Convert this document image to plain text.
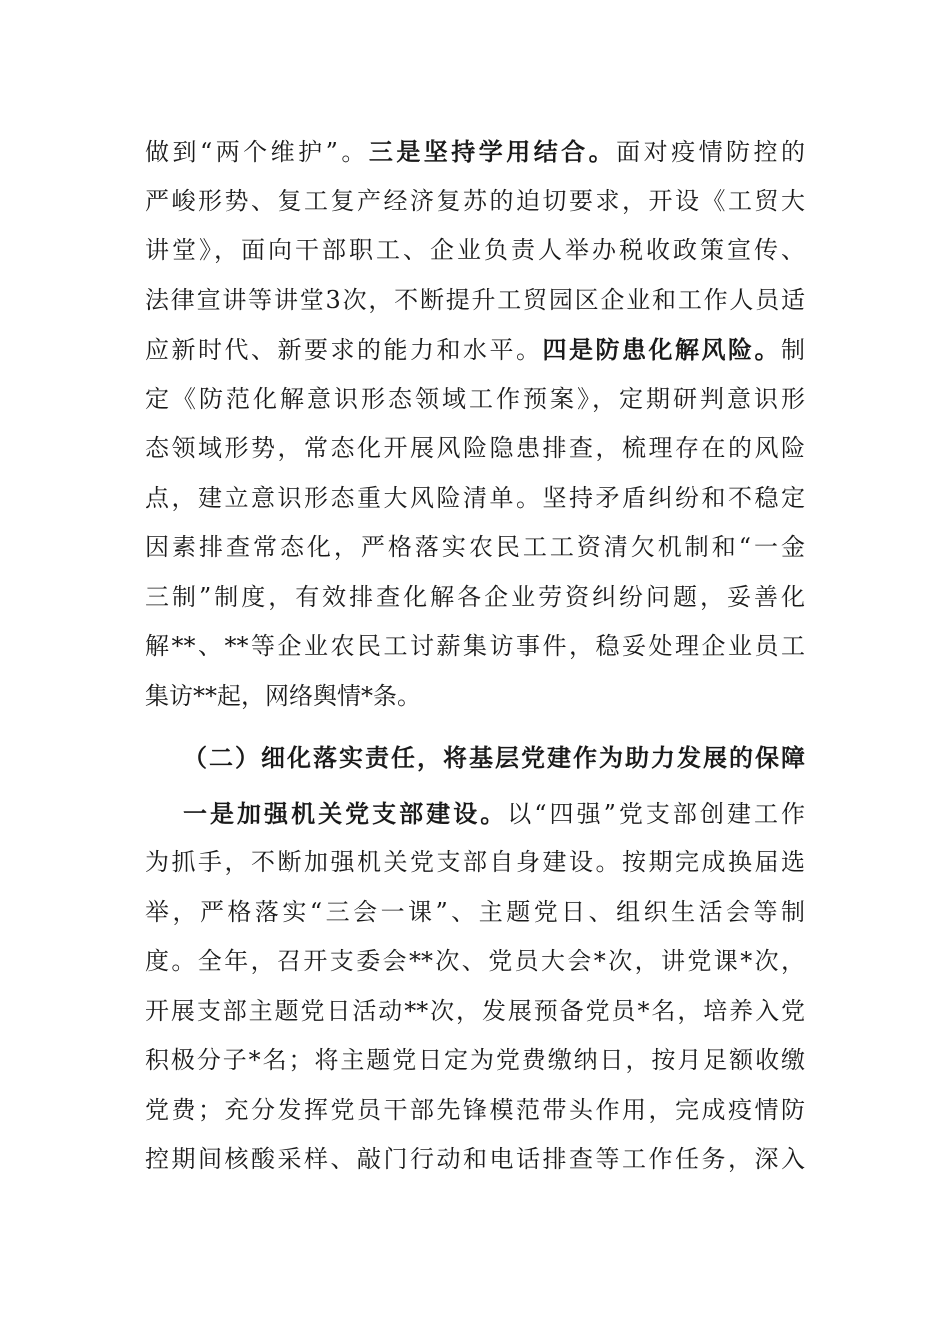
做到“两个维护”。三是坚持学用结合。面对疫情防控的
严峻形势、复工复产经济复苏的迫切要求，开设《工贸大
讲堂》，面向干部职工、企业负责人举办税收政策宣传、
法律宣讲等讲堂3次，不断提升工贸园区企业和工作人员适
应新时代、新要求的能力和水平。四是防患化解风险。制
定《防范化解意识形态领域工作预案》，定期研判意识形
态领域形势，常态化开展风险隐患排查，梳理存在的风险
点，建立意识形态重大风险清单。坚持矛盾纠纷和不稳定
因素排查常态化，严格落实农民工工资清欠机制和“一金
三制”制度，有效排查化解各企业劳资纠纷问题，妥善化
解**、**等企业农民工讨薪集访事件，稳妥处理企业员工
集访**起，网络舆情*条。
（二）细化落实责任，将基层党建作为助力发展的保障
一是加强机关党支部建设。以“四强”党支部创建工作
为抓手，不断加强机关党支部自身建设。按期完成换届选
举，严格落实“三会一课”、主题党日、组织生活会等制
度。全年，召开支委会**次、党员大会*次，讲党课*次，
开展支部主题党日活动**次，发展预备党员*名，培养入党
积极分子*名；将主题党日定为党费缴纳日，按月足额收缴
党费；充分发挥党员干部先锋模范带头作用，完成疫情防
控期间核酸采样、敲门行动和电话排查等工作任务，深入
